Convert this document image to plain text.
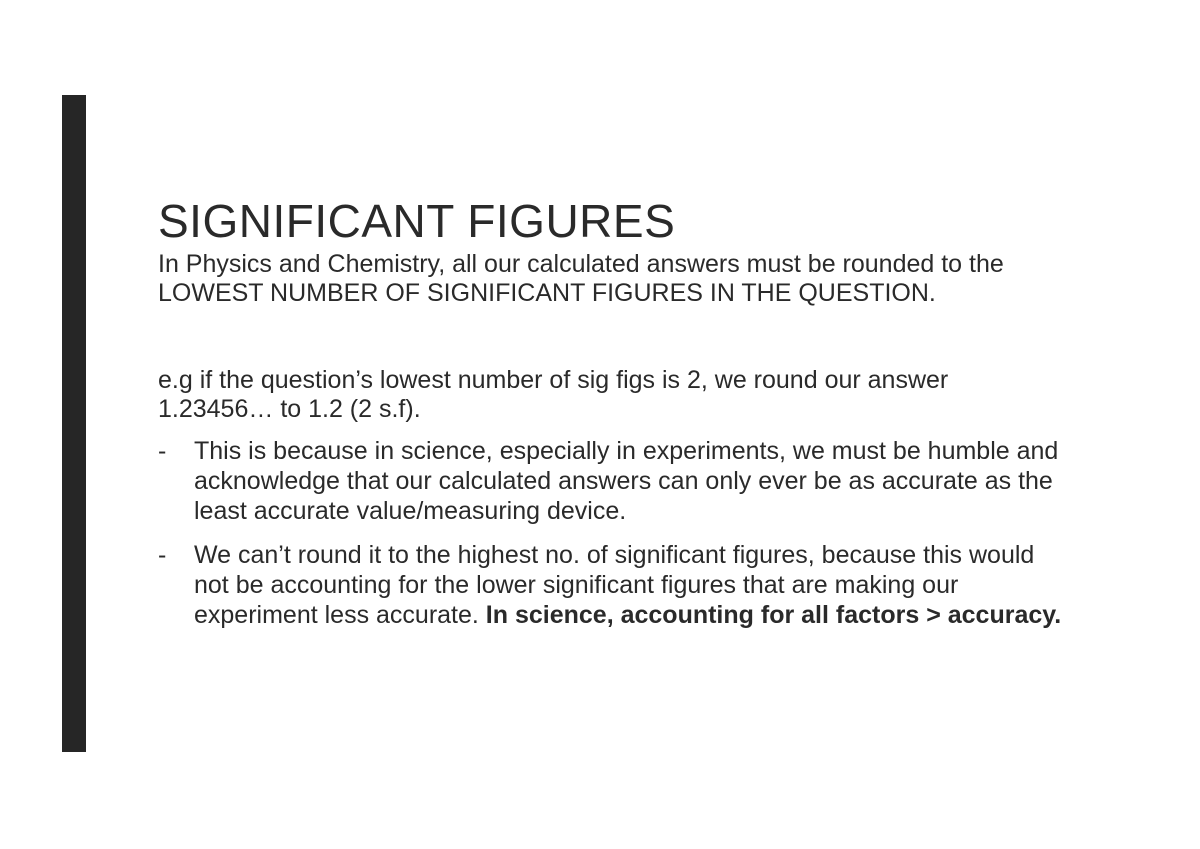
SIGNIFICANT FIGURES

In Physics and Chemistry, all our calculated answers must be rounded to the LOWEST NUMBER OF SIGNIFICANT FIGURES IN THE QUESTION.

e.g if the question’s lowest number of sig figs is 2, we round our answer 1.23456… to 1.2 (2 s.f).

- This is because in science, especially in experiments, we must be humble and acknowledge that our calculated answers can only ever be as accurate as the least accurate value/measuring device.
- We can’t round it to the highest no. of significant figures, because this would not be accounting for the lower significant figures that are making our experiment less accurate. In science, accounting for all factors > accuracy.
